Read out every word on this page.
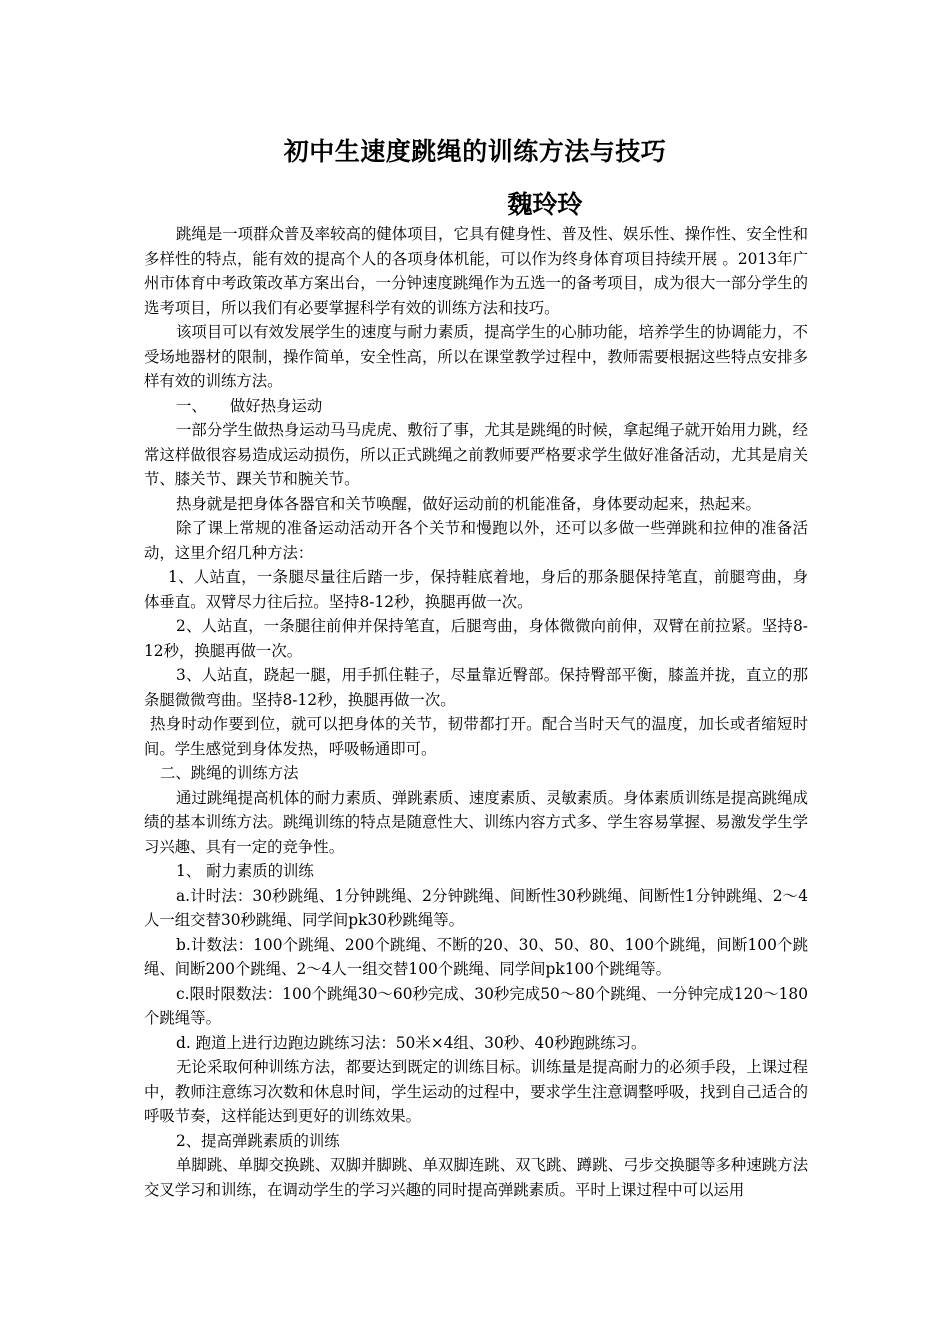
初中生速度跳绳的训练方法与技巧
魏玲玲

跳绳是一项群众普及率较高的健体项目，它具有健身性、普及性、娱乐性、操作性、安全性和多样性的特点，能有效的提高个人的各项身体机能，可以作为终身体育项目持续开展 。2013年广州市体育中考政策改革方案出台，一分钟速度跳绳作为五选一的备考项目，成为很大一部分学生的选考项目，所以我们有必要掌握科学有效的训练方法和技巧。

该项目可以有效发展学生的速度与耐力素质，提高学生的心肺功能，培养学生的协调能力，不受场地器材的限制，操作简单，安全性高，所以在课堂教学过程中，教师需要根据这些特点安排多样有效的训练方法。

一、　　做好热身运动

一部分学生做热身运动马马虎虎、敷衍了事，尤其是跳绳的时候，拿起绳子就开始用力跳，经常这样做很容易造成运动损伤，所以正式跳绳之前教师要严格要求学生做好准备活动，尤其是肩关节、膝关节、踝关节和腕关节。

热身就是把身体各器官和关节唤醒，做好运动前的机能准备，身体要动起来，热起来。

除了课上常规的准备运动活动开各个关节和慢跑以外，还可以多做一些弹跳和拉伸的准备活动，这里介绍几种方法：

1、人站直，一条腿尽量往后踏一步，保持鞋底着地，身后的那条腿保持笔直，前腿弯曲，身体垂直。双臂尽力往后拉。坚持8-12秒，换腿再做一次。

2、人站直，一条腿往前伸并保持笔直，后腿弯曲，身体微微向前伸，双臂在前拉紧。坚持8-12秒，换腿再做一次。

3、人站直，跷起一腿，用手抓住鞋子，尽量靠近臀部。保持臀部平衡，膝盖并拢，直立的那条腿微微弯曲。坚持8-12秒，换腿再做一次。

热身时动作要到位，就可以把身体的关节，韧带都打开。配合当时天气的温度，加长或者缩短时间。学生感觉到身体发热，呼吸畅通即可。

二、跳绳的训练方法

通过跳绳提高机体的耐力素质、弹跳素质、速度素质、灵敏素质。身体素质训练是提高跳绳成绩的基本训练方法。跳绳训练的特点是随意性大、训练内容方式多、学生容易掌握、易激发学生学习兴趣、具有一定的竞争性。

1、 耐力素质的训练

a.计时法：30秒跳绳、1分钟跳绳、2分钟跳绳、间断性30秒跳绳、间断性1分钟跳绳、2～4人一组交替30秒跳绳、同学间pk30秒跳绳等。

b.计数法：100个跳绳、200个跳绳、不断的20、30、50、80、100个跳绳，间断100个跳绳、间断200个跳绳、2～4人一组交替100个跳绳、同学间pk100个跳绳等。

c.限时限数法：100个跳绳30～60秒完成、30秒完成50～80个跳绳、一分钟完成120～180个跳绳等。

d. 跑道上进行边跑边跳练习法：50米×4组、30秒、40秒跑跳练习。

无论采取何种训练方法，都要达到既定的训练目标。训练量是提高耐力的必须手段，上课过程中，教师注意练习次数和休息时间，学生运动的过程中，要求学生注意调整呼吸，找到自己适合的呼吸节奏，这样能达到更好的训练效果。

2、提高弹跳素质的训练

单脚跳、单脚交换跳、双脚并脚跳、单双脚连跳、双飞跳、蹲跳、弓步交换腿等多种速跳方法交叉学习和训练，在调动学生的学习兴趣的同时提高弹跳素质。平时上课过程中可以运用
